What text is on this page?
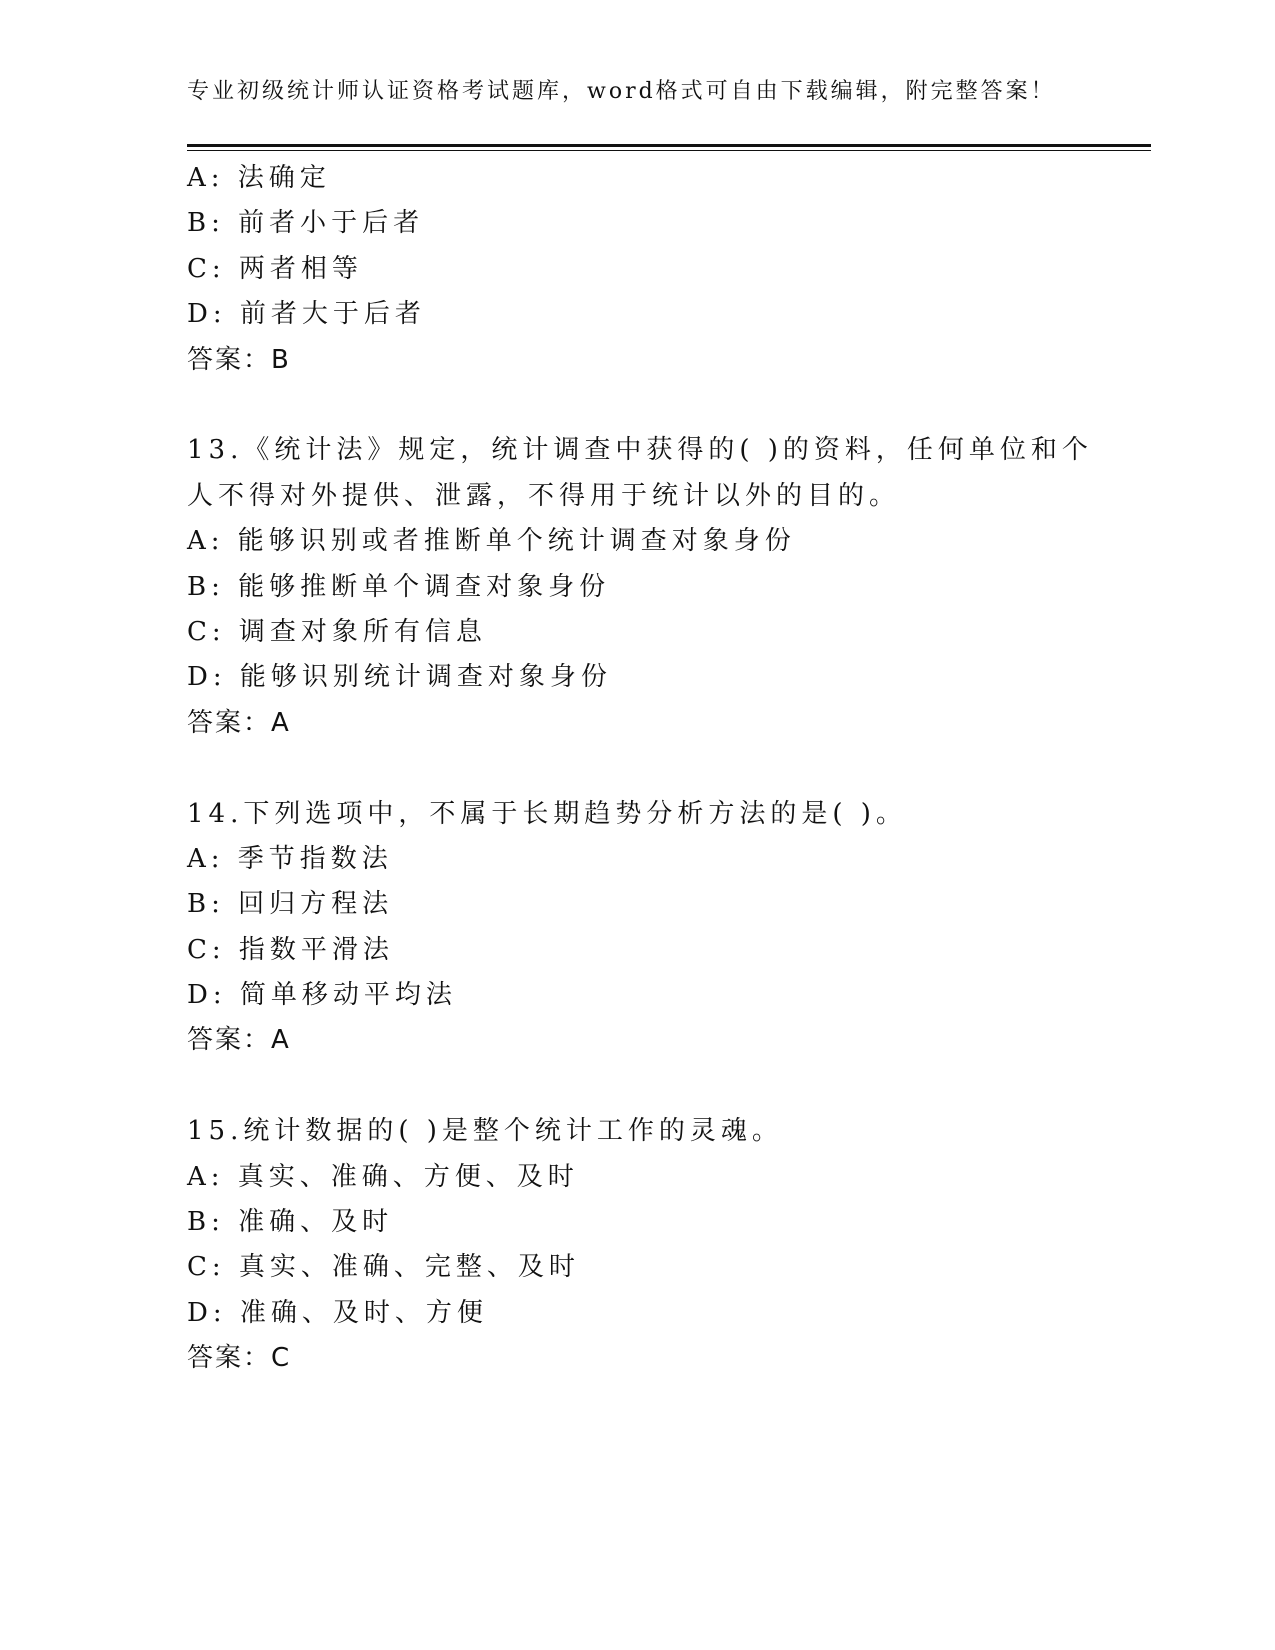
专业初级统计师认证资格考试题库，word格式可自由下载编辑，附完整答案！
A: 法确定
B: 前者小于后者
C: 两者相等
D: 前者大于后者
答案：B
13.《统计法》规定，统计调查中获得的( )的资料，任何单位和个
人不得对外提供、泄露，不得用于统计以外的目的。
A: 能够识别或者推断单个统计调查对象身份
B: 能够推断单个调查对象身份
C: 调查对象所有信息
D: 能够识别统计调查对象身份
答案：A
14.下列选项中，不属于长期趋势分析方法的是( )。
A: 季节指数法
B: 回归方程法
C: 指数平滑法
D: 简单移动平均法
答案：A
15.统计数据的( )是整个统计工作的灵魂。
A: 真实、准确、方便、及时
B: 准确、及时
C: 真实、准确、完整、及时
D: 准确、及时、方便
答案：C
